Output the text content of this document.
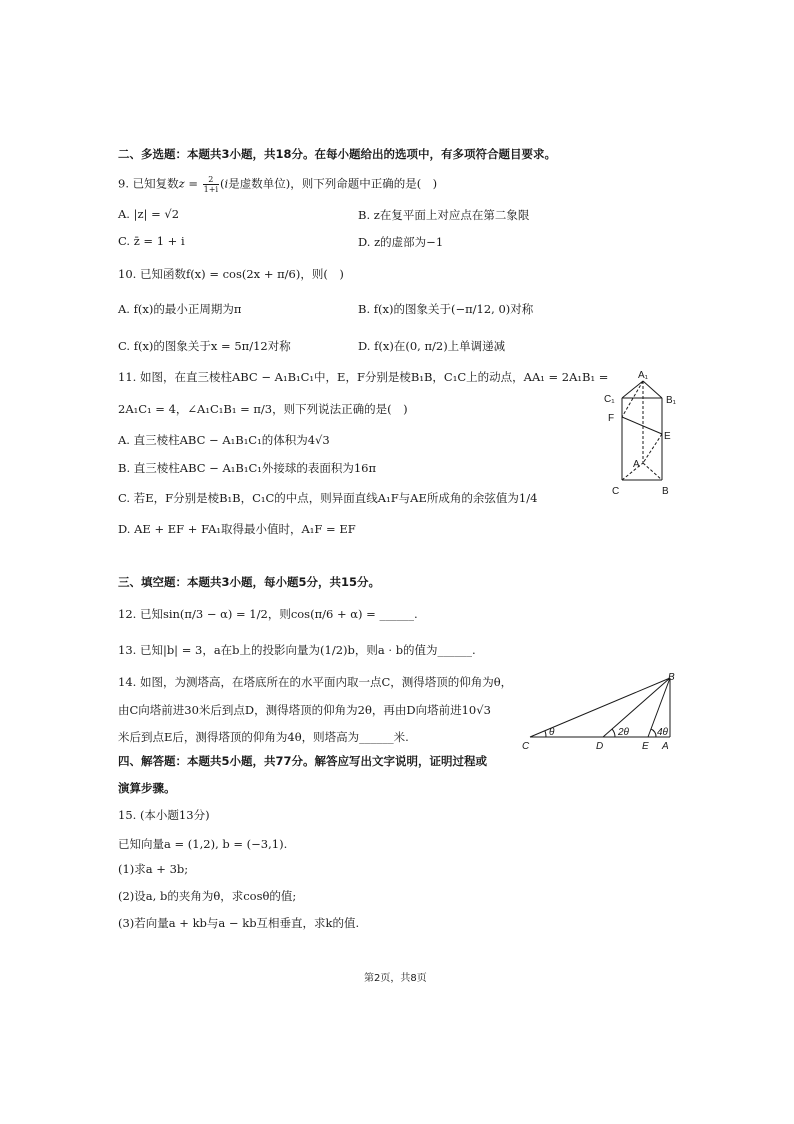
二、多选题：本题共3小题，共18分。在每小题给出的选项中，有多项符合题目要求。
9. 已知复数$z = \frac{2}{1+i} (i$是虚数单位)，则下列命题中正确的是(　)
A. |z| = √2	B. z在复平面上对应点在第二象限
C. z̄ = 1 + i	D. z的虚部为−1
10. 已知函数f(x) = cos(2x + π/6)，则(　)
A. f(x)的最小正周期为π	B. f(x)的图象关于(−π/12, 0)对称
C. f(x)的图象关于x = 5π/12对称	D. f(x)在(0, π/2)上单调递减
11. 如图，在直三棱柱ABC − A₁B₁C₁中，E，F分别是棱B₁B，C₁C上的动点，AA₁ = 2A₁B₁ =
2A₁C₁ = 4，∠A₁C₁B₁ = π/3，则下列说法正确的是(　)
A. 直三棱柱ABC − A₁B₁C₁的体积为4√3
B. 直三棱柱ABC − A₁B₁C₁外接球的表面积为16π
C. 若E，F分别是棱B₁B，C₁C的中点，则异面直线A₁F与AE所成角的余弦值为1/4
D. AE + EF + FA₁取得最小值时，A₁F = EF
A₁
B₁
C₁
F
E
A
B
C
三、填空题：本题共3小题，每小题5分，共15分。
12. 已知sin(π/3 − α) = 1/2，则cos(π/6 + α) = ______.
13. 已知|b| = 3，a在b上的投影向量为(1/2)b，则a · b的值为______.
14. 如图，为测塔高，在塔底所在的水平面内取一点C，测得塔顶的仰角为θ，
由C向塔前进30米后到点D，测得塔顶的仰角为2θ，再由D向塔前进10√3
米后到点E后，测得塔顶的仰角为4θ，则塔高为______米.
B
C	D	E A
θ	2θ	4θ
四、解答题：本题共5小题，共77分。解答应写出文字说明，证明过程或
演算步骤。
15. (本小题13分)
已知向量a = (1,2), b = (−3,1).
(1)求a + 3b;
(2)设a, b的夹角为θ，求cosθ的值;
(3)若向量a + kb与a − kb互相垂直，求k的值.
第2页，共8页
